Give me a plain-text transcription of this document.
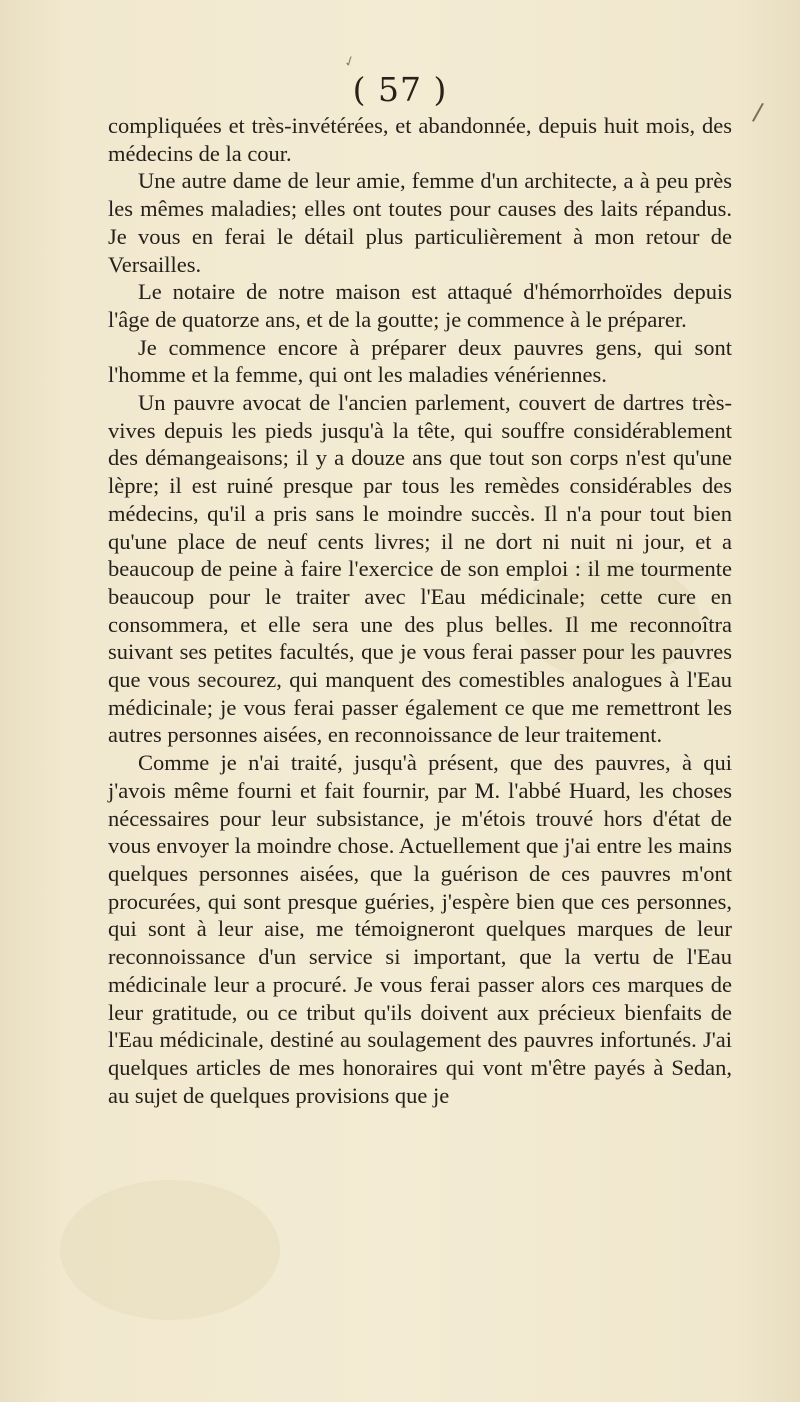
✓
( 57 )
/

compliquées et très-invétérées, et abandonnée, depuis huit mois, des médecins de la cour.

Une autre dame de leur amie, femme d'un architecte, a à peu près les mêmes maladies; elles ont toutes pour causes des laits répandus. Je vous en ferai le détail plus particulièrement à mon retour de Versailles.

Le notaire de notre maison est attaqué d'hémorrhoïdes depuis l'âge de quatorze ans, et de la goutte; je commence à le préparer.

Je commence encore à préparer deux pauvres gens, qui sont l'homme et la femme, qui ont les maladies vénériennes.

Un pauvre avocat de l'ancien parlement, couvert de dartres très-vives depuis les pieds jusqu'à la tête, qui souffre considérablement des démangeaisons; il y a douze ans que tout son corps n'est qu'une lèpre; il est ruiné presque par tous les remèdes considérables des médecins, qu'il a pris sans le moindre succès. Il n'a pour tout bien qu'une place de neuf cents livres; il ne dort ni nuit ni jour, et a beaucoup de peine à faire l'exercice de son emploi : il me tourmente beaucoup pour le traiter avec l'Eau médicinale; cette cure en consommera, et elle sera une des plus belles. Il me reconnoîtra suivant ses petites facultés, que je vous ferai passer pour les pauvres que vous secourez, qui manquent des comestibles analogues à l'Eau médicinale; je vous ferai passer également ce que me remettront les autres personnes aisées, en reconnoissance de leur traitement.

Comme je n'ai traité, jusqu'à présent, que des pauvres, à qui j'avois même fourni et fait fournir, par M. l'abbé Huard, les choses nécessaires pour leur subsistance, je m'étois trouvé hors d'état de vous envoyer la moindre chose. Actuellement que j'ai entre les mains quelques personnes aisées, que la guérison de ces pauvres m'ont procurées, qui sont presque guéries, j'espère bien que ces personnes, qui sont à leur aise, me témoigneront quelques marques de leur reconnoissance d'un service si important, que la vertu de l'Eau médicinale leur a procuré. Je vous ferai passer alors ces marques de leur gratitude, ou ce tribut qu'ils doivent aux précieux bienfaits de l'Eau médicinale, destiné au soulagement des pauvres infortunés. J'ai quelques articles de mes honoraires qui vont m'être payés à Sedan, au sujet de quelques provisions que je
